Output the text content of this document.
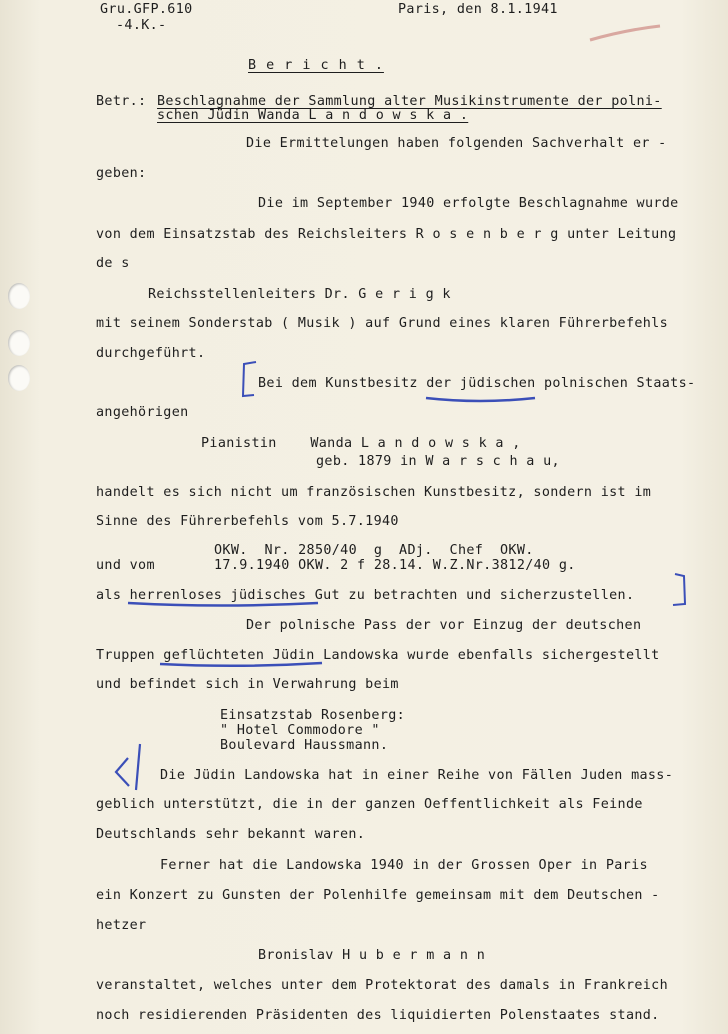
Gru.GFP.610
-4.K.-
Paris, den 8.1.1941
B e r i c h t .
Betr.: Beschlagnahme der Sammlung alter Musikinstrumente der polni-
schen Jüdin Wanda L a n d o w s k a .
Die Ermittelungen haben folgenden Sachverhalt er -
geben:
Die im September 1940 erfolgte Beschlagnahme wurde
von dem Einsatzstab des Reichsleiters R o s e n b e r g unter Leitung
de s
Reichsstellenleiters Dr. G e r i g k
mit seinem Sonderstab ( Musik ) auf Grund eines klaren Führerbefehls
durchgeführt.
Bei dem Kunstbesitz der jüdischen polnischen Staats-
angehörigen
Pianistin    Wanda L a n d o w s k a ,
geb. 1879 in W a r s c h a u,
handelt es sich nicht um französischen Kunstbesitz, sondern ist im
Sinne des Führerbefehls vom 5.7.1940
OKW.  Nr. 2850/40  g  ADj.  Chef  OKW.
und vom	17.9.1940 OKW. 2 f 28.14. W.Z.Nr.3812/40 g.
als herrenloses jüdisches Gut zu betrachten und sicherzustellen.
Der polnische Pass der vor Einzug der deutschen
Truppen geflüchteten Jüdin Landowska wurde ebenfalls sichergestellt
und befindet sich in Verwahrung beim
Einsatzstab Rosenberg:
" Hotel Commodore "
Boulevard Haussmann.
Die Jüdin Landowska hat in einer Reihe von Fällen Juden mass-
geblich unterstützt, die in der ganzen Oeffentlichkeit als Feinde
Deutschlands sehr bekannt waren.
Ferner hat die Landowska 1940 in der Grossen Oper in Paris
ein Konzert zu Gunsten der Polenhilfe gemeinsam mit dem Deutschen -
hetzer
Bronislav H u b e r m a n n
veranstaltet, welches unter dem Protektorat des damals in Frankreich
noch residierenden Präsidenten des liquidierten Polenstaates stand.
